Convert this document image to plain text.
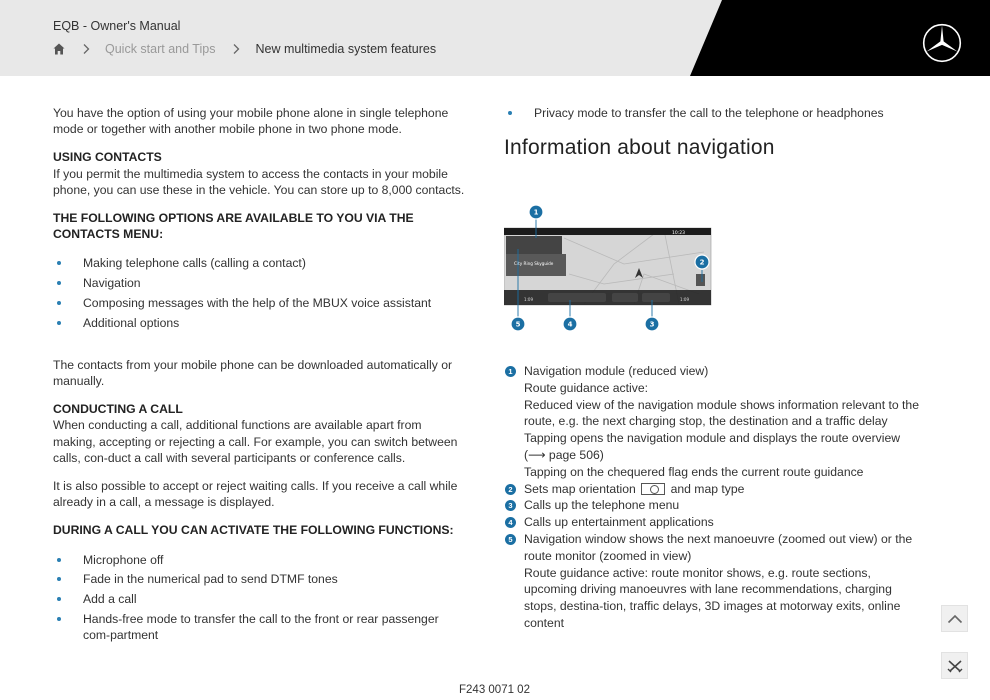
EQB - Owner's Manual
Quick start and Tips	New multimedia system features

You have the option of using your mobile phone alone in single telephone mode or together with another mobile phone in two phone mode.

USING CONTACTS

If you permit the multimedia system to access the contacts in your mobile phone, you can use these in the vehicle. You can store up to 8,000 contacts.

THE FOLLOWING OPTIONS ARE AVAILABLE TO YOU VIA THE CONTACTS MENU:

Making telephone calls (calling a contact)
Navigation
Composing messages with the help of the MBUX voice assistant
Additional options

The contacts from your mobile phone can be downloaded automatically or manually.

CONDUCTING A CALL

When conducting a call, additional functions are available apart from making, accepting or rejecting a call. For example, you can switch between calls, con-duct a call with several participants or conference calls.

It is also possible to accept or reject waiting calls. If you receive a call while already in a call, a message is displayed.

DURING A CALL YOU CAN ACTIVATE THE FOLLOWING FUNCTIONS:

Microphone off
Fade in the numerical pad to send DTMF tones
Add a call
Hands-free mode to transfer the call to the front or rear passenger com-partment
Privacy mode to transfer the call to the telephone or headphones
Information about navigation
10:23
City Ring Skyguide
1:09	1:09
1
2
3
4
5
1 Navigation module (reduced view)
Route guidance active:
Reduced view of the navigation module shows information relevant to the route, e.g. the next charging stop, the destination and a traffic delay
Tapping opens the navigation module and displays the route overview (⟶ page 506)
Tapping on the chequered flag ends the current route guidance
2 Sets map orientation	and map type
3 Calls up the telephone menu
4 Calls up entertainment applications
5 Navigation window shows the next manoeuvre (zoomed out view) or the route monitor (zoomed in view)
Route guidance active: route monitor shows, e.g. route sections, upcoming driving manoeuvres with lane recommendations, charging stops, destina-tion, traffic delays, 3D images at motorway exits, online content
F243 0071 02
